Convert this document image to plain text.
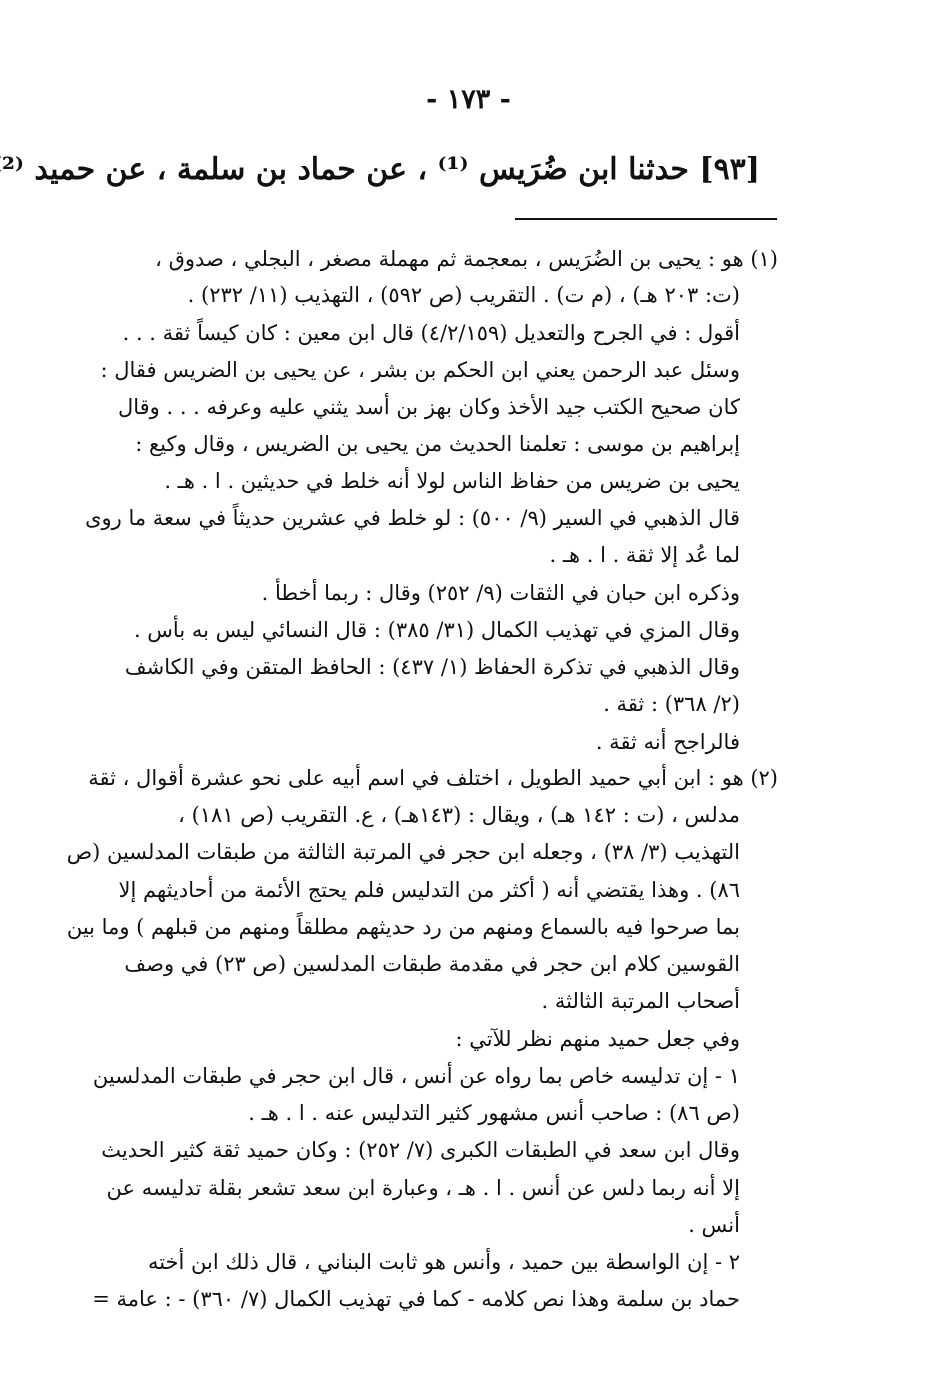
- ١٧٣ -
[٩٣] حدثنا ابن ضُرَيس ⁽¹⁾ ، عن حماد بن سلمة ، عن حميد ⁽²
(١) هو : يحيى بن الضُرَيس ، بمعجمة ثم مهملة مصغر ، البجلي ، صدوق ،
(ت: ٢٠٣ هـ) ، (م ت) . التقريب (ص ٥٩٢) ، التهذيب (١١/ ٢٣٢) .
أقول : في الجرح والتعديل (٤/٢/١٥٩) قال ابن معين : كان كيساً ثقة . . .
وسئل عبد الرحمن يعني ابن الحكم بن بشر ، عن يحيى بن الضريس فقال :
كان صحيح الكتب جيد الأخذ وكان بهز بن أسد يثني عليه وعرفه . . . وقال
إبراهيم بن موسى : تعلمنا الحديث من يحيى بن الضريس ، وقال وكيع :
يحيى بن ضريس من حفاظ الناس لولا أنه خلط في حديثين . ا . هـ .
قال الذهبي في السير (٩/ ٥٠٠) : لو خلط في عشرين حديثاً في سعة ما روى
لما عُد إلا ثقة . ا . هـ .
وذكره ابن حبان في الثقات (٩/ ٢٥٢) وقال : ربما أخطأ .
وقال المزي في تهذيب الكمال (٣١/ ٣٨٥) : قال النسائي ليس به بأس .
وقال الذهبي في تذكرة الحفاظ (١/ ٤٣٧) : الحافظ المتقن وفي الكاشف
(٢/ ٣٦٨) : ثقة .
فالراجح أنه ثقة .
(٢) هو : ابن أبي حميد الطويل ، اختلف في اسم أبيه على نحو عشرة أقوال ، ثقة
مدلس ، (ت : ١٤٢ هـ) ، ويقال : (١٤٣هـ) ، ع. التقريب (ص ١٨١) ،
التهذيب (٣/ ٣٨) ، وجعله ابن حجر في المرتبة الثالثة من طبقات المدلسين (ص
٨٦) . وهذا يقتضي أنه ( أكثر من التدليس فلم يحتج الأئمة من أحاديثهم إلا
بما صرحوا فيه بالسماع ومنهم من رد حديثهم مطلقاً ومنهم من قبلهم ) وما بين
القوسين كلام ابن حجر في مقدمة طبقات المدلسين (ص ٢٣) في وصف
أصحاب المرتبة الثالثة .
وفي جعل حميد منهم نظر للآتي :
١ - إن تدليسه خاص بما رواه عن أنس ، قال ابن حجر في طبقات المدلسين
(ص ٨٦) : صاحب أنس مشهور كثير التدليس عنه . ا . هـ .
وقال ابن سعد في الطبقات الكبرى (٧/ ٢٥٢) : وكان حميد ثقة كثير الحديث
إلا أنه ربما دلس عن أنس . ا . هـ ، وعبارة ابن سعد تشعر بقلة تدليسه عن
أنس .
٢ - إن الواسطة بين حميد ، وأنس هو ثابت البناني ، قال ذلك ابن أخته
حماد بن سلمة وهذا نص كلامه - كما في تهذيب الكمال (٧/ ٣٦٠) - : عامة =
